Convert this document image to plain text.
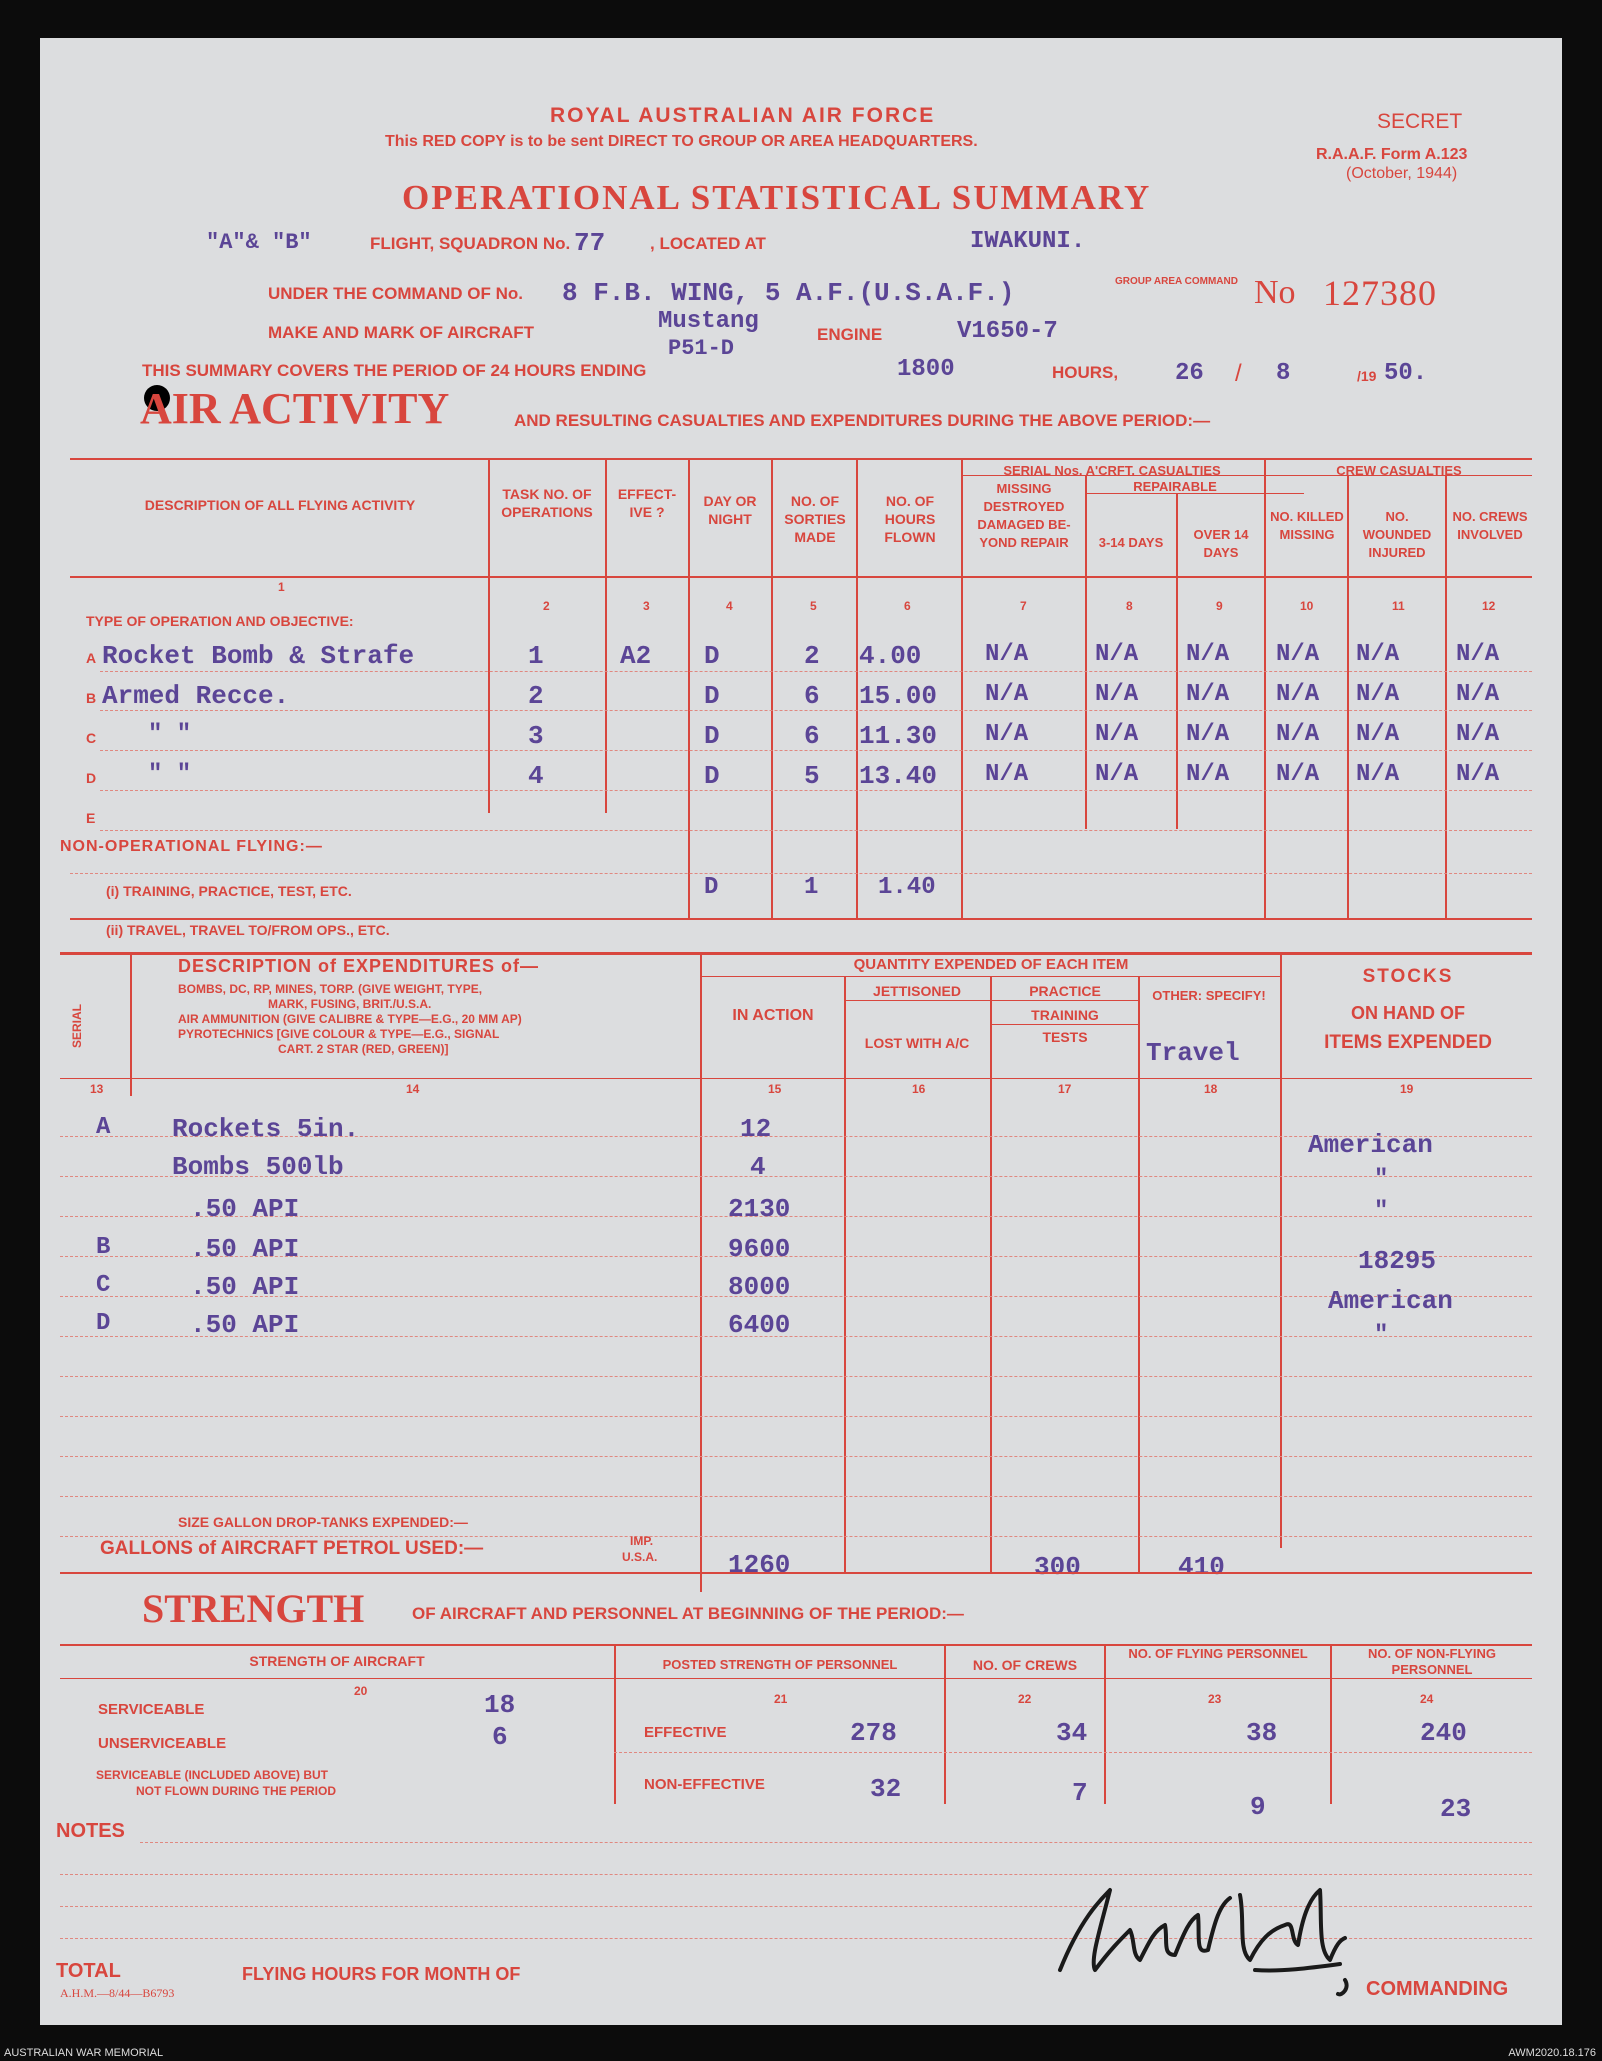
ROYAL AUSTRALIAN AIR FORCE
This RED COPY is to be sent DIRECT TO GROUP OR AREA HEADQUARTERS.
OPERATIONAL STATISTICAL SUMMARY
SECRET
R.A.A.F. Form A.123
(October, 1944)
No 127380
"A"& "B"	FLIGHT, SQUADRON No. 77	, LOCATED AT	IWAKUNI.
UNDER THE COMMAND OF No. 8 F.B. WING, 5 A.F.(U.S.A.F.)	GROUP AREA COMMAND
MAKE AND MARK OF AIRCRAFT	Mustang
P51-D
ENGINE	V1650-7
THIS SUMMARY COVERS THE PERIOD OF 24 HOURS ENDING	1800	HOURS, 26 / 8	/19 50.
AIR ACTIVITY	AND RESULTING CASUALTIES AND EXPENDITURES DURING THE ABOVE PERIOD:—
DESCRIPTION OF ALL FLYING ACTIVITY
TASK NO. OF OPERATIONS
EFFECT-IVE ?
DAY OR NIGHT
NO. OF SORTIES MADE
NO. OF HOURS FLOWN
SERIAL Nos. A'CRFT. CASUALTIES	CREW CASUALTIES
MISSING DESTROYED DAMAGED BE-YOND REPAIR
REPAIRABLE
3-14 DAYS
OVER 14 DAYS
NO. KILLED MISSING
NO. WOUNDED INJURED
NO. CREWS INVOLVED
1
2	3	4	5	6	7	8	9	10	11	12
TYPE OF OPERATION AND OBJECTIVE:
A Rocket Bomb & Strafe	1	A2 D	2 4.00	N/A	N/A N/A N/A N/A N/A
B Armed Recce.	2	D	6 15.00 N/A	N/A N/A N/A N/A N/A
C " "	3	D	6 11.30 N/A	N/A N/A N/A N/A N/A
D " "	4	D	5 13.40 N/A	N/A N/A N/A N/A N/A
E
NON-OPERATIONAL FLYING:—
(i) TRAINING, PRACTICE, TEST, ETC.	D	1 1.40
(ii) TRAVEL, TRAVEL TO/FROM OPS., ETC.
SERIAL
DESCRIPTION of EXPENDITURES of—
BOMBS, DC, RP, MINES, TORP. (GIVE WEIGHT, TYPE,
MARK, FUSING, BRIT./U.S.A.
AIR AMMUNITION (GIVE CALIBRE & TYPE—E.G., 20 MM AP)
PYROTECHNICS [GIVE COLOUR & TYPE—E.G., SIGNAL
CART. 2 STAR (RED, GREEN)]
QUANTITY EXPENDED OF EACH ITEM
IN ACTION
JETTISONED
LOST WITH A/C
PRACTICE
TRAINING
TESTS
OTHER: SPECIFY!
Travel
STOCKS
ON HAND OF
ITEMS EXPENDED
13	14	15	16	17	18	19
A Rockets 5in.	12
American
Bombs 500lb	4	"
.50 API	2130	"
B	.50 API	9600	18295
C	.50 API	8000	American
D	.50 API	6400	"
SIZE GALLON DROP-TANKS EXPENDED:—
GALLONS of AIRCRAFT PETROL USED:—	IMP.
U.S.A.	1260	300	410
STRENGTH	OF AIRCRAFT AND PERSONNEL AT BEGINNING OF THE PERIOD:—
STRENGTH OF AIRCRAFT	POSTED STRENGTH OF PERSONNEL	NO. OF CREWS
NO. OF FLYING PERSONNEL	NO. OF NON-FLYING PERSONNEL
20
21	22	23	24
SERVICEABLE	18
UNSERVICEABLE	6
SERVICEABLE (INCLUDED ABOVE) BUT
NOT FLOWN DURING THE PERIOD
EFFECTIVE	278	34	38	240
NON-EFFECTIVE	32	7	9	23
NOTES
TOTAL	FLYING HOURS FOR MONTH OF
COMMANDING
A.H.M.—8/44—B6793
AUSTRALIAN WAR MEMORIAL	AWM2020.18.176
